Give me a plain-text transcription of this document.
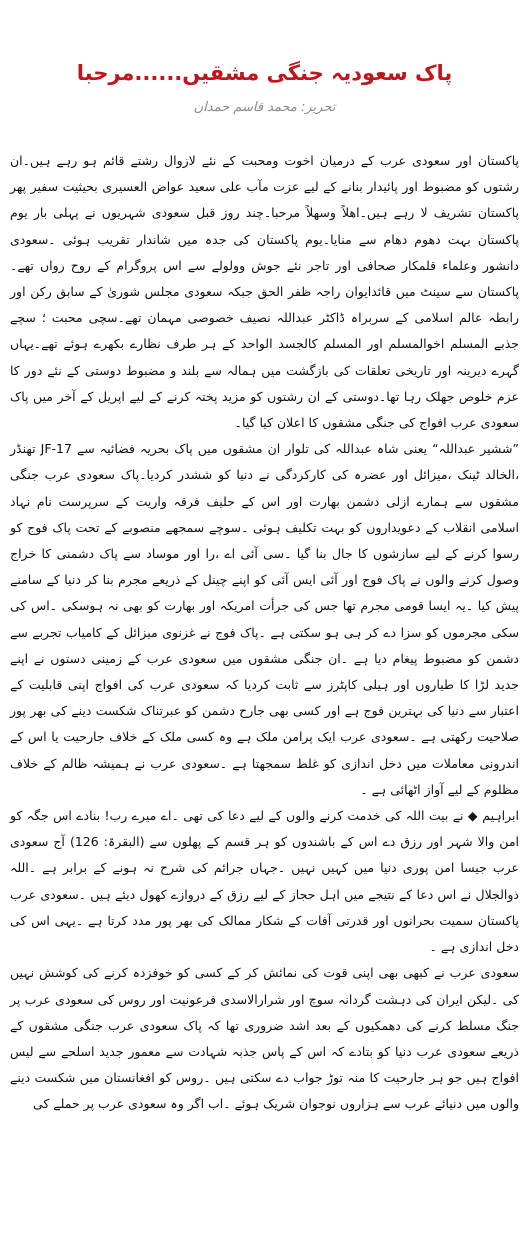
پاک سعودیہ جنگی مشقیں......مرحبا
تحریر: محمد قاسم حمدان

پاکستان اور سعودی عرب کے درمیان اخوت ومحبت کے نئے لازوال رشتے قائم ہو رہے ہیں۔ان رشتوں کو مضبوط اور پائیدار بنانے کے لیے عزت مآب علی سعید عواض العسیری بحیثیت سفیر پھر پاکستان تشریف لا رہے ہیں۔اھلاً وسھلاً مرحبا۔چند روز قبل سعودی شہریوں نے پہلی بار یوم پاکستان بہت دھوم دھام سے منایا۔یوم پاکستان کی جدہ میں شاندار تقریب ہوئی ۔سعودی دانشور وعلماء قلمکار صحافی اور تاجر نئے جوش وولولے سے اس پروگرام کے روح رواں تھے۔پاکستان سے سینٹ میں قائدایوان راجہ ظفر الحق جبکہ سعودی مجلس شوریٰ کے سابق رکن اور رابطہ عالم اسلامی کے سربراہ ڈاکٹر عبداللہ نصیف خصوصی مہمان تھے۔سچی محبت ؛ سچے جذبے المسلم اخوالمسلم اور المسلم کالجسد الواحد کے ہر طرف نظارے بکھرے ہوئے تھے۔یہاں گہرے دیرینہ اور تاریخی تعلقات کی بازگشت میں ہمالہ سے بلند و مضبوط دوستی کے نئے دور کا عزم خلوص جھلک رہا تھا۔دوستی کے ان رشتوں کو مزید پختہ کرنے کے لیے اپریل کے آخر میں پاک سعودی عرب افواج کی جنگی مشقوں کا اعلان کیا گیا۔

”ششیر عبداللہ“ یعنی شاہ عبداللہ کی تلوار ان مشقوں میں پاک بحریہ فضائیہ سے JF-17 تھنڈر ،الخالد ٹینک ،میزائل اور عضرہ کی کارکردگی نے دنیا کو ششدر کردیا۔پاک سعودی عرب جنگی مشقوں سے ہمارے ازلی دشمن بھارت اور اس کے حلیف فرقہ واریت کے سرپرست نام نہاد اسلامی انقلاب کے دعویداروں کو بہت تکلیف ہوئی ۔سوچے سمجھے منصوبے کے تحت پاک فوج کو رسوا کرنے کے لیے سازشوں کا جال بنا گیا ۔سی آئی اے ،را اور موساد سے پاک دشمنی کا خراج وصول کرنے والوں نے پاک فوج اور آئی ایس آئی کو اپنے چینل کے ذریعے مجرم بنا کر دنیا کے سامنے پیش کیا ۔یہ ایسا قومی مجرم تھا جس کی جرأت امریکہ اور بھارت کو بھی نہ ہوسکی ۔اس کی سکی مجرموں کو سزا دے کر ہی ہو سکتی ہے ۔پاک فوج نے غزنوی میزائل کے کامیاب تجربے سے دشمن کو مضبوط پیغام دیا ہے ۔ان جنگی مشقوں میں سعودی عرب کے زمینی دستوں نے اپنے جدید لڑا کا طیاروں اور ہیلی کاپٹرز سے ثابت کردیا کہ سعودی عرب کی افواج اپنی قابلیت کے اعتبار سے دنیا کی بہترین فوج ہے اور کسی بھی جارح دشمن کو عبرتناک شکست دینے کی بھر پور صلاحیت رکھتی ہے ۔سعودی عرب ایک پرامن ملک ہے وہ کسی ملک کے خلاف جارحیت یا اس کے اندرونی معاملات میں دخل اندازی کو غلط سمجھتا ہے ۔سعودی عرب نے ہمیشہ ظالم کے خلاف مظلوم کے لیے آواز اٹھائی ہے ۔

ابراہیم ◆ نے بیت اللہ کی خدمت کرنے والوں کے لیے دعا کی تھی ۔اے میرے رب! بنادے اس جگہ کو امن والا شہر اور رزق دے اس کے باشندوں کو ہر قسم کے پھلوں سے (البقرۃ: 126) آج سعودی عرب جیسا امن پوری دنیا میں کہیں نہیں ۔جہاں جرائم کی شرح نہ ہونے کے برابر ہے ۔اللہ ذوالجلال نے اس دعا کے نتیجے میں اہل حجاز کے لیے رزق کے دروازے کھول دیئے ہیں ۔سعودی عرب پاکستان سمیت بحرانوں اور قدرتی آفات کے شکار ممالک کی بھر پور مدد کرتا ہے ۔یہی اس کی دخل اندازی ہے ۔

سعودی عرب نے کبھی بھی اپنی قوت کی نمائش کر کے کسی کو خوفزدہ کرنے کی کوشش نہیں کی ۔لیکن ایران کی دہشت گردانہ سوچ اور شرارالاسدی فرعونیت اور روس کی سعودی عرب پر جنگ مسلط کرنے کی دھمکیوں کے بعد اشد ضروری تھا کہ پاک سعودی عرب جنگی مشقوں کے ذریعے سعودی عرب دنیا کو بتادے کہ اس کے پاس جذبہ شہادت سے معمور جدید اسلحے سے لیس افواج ہیں جو ہر جارحیت کا منہ توڑ جواب دے سکتی ہیں ۔روس کو افغانستان میں شکست دینے والوں میں دنیائے عرب سے ہزاروں نوجوان شریک ہوئے ۔اب اگر وہ سعودی عرب پر حملے کی
